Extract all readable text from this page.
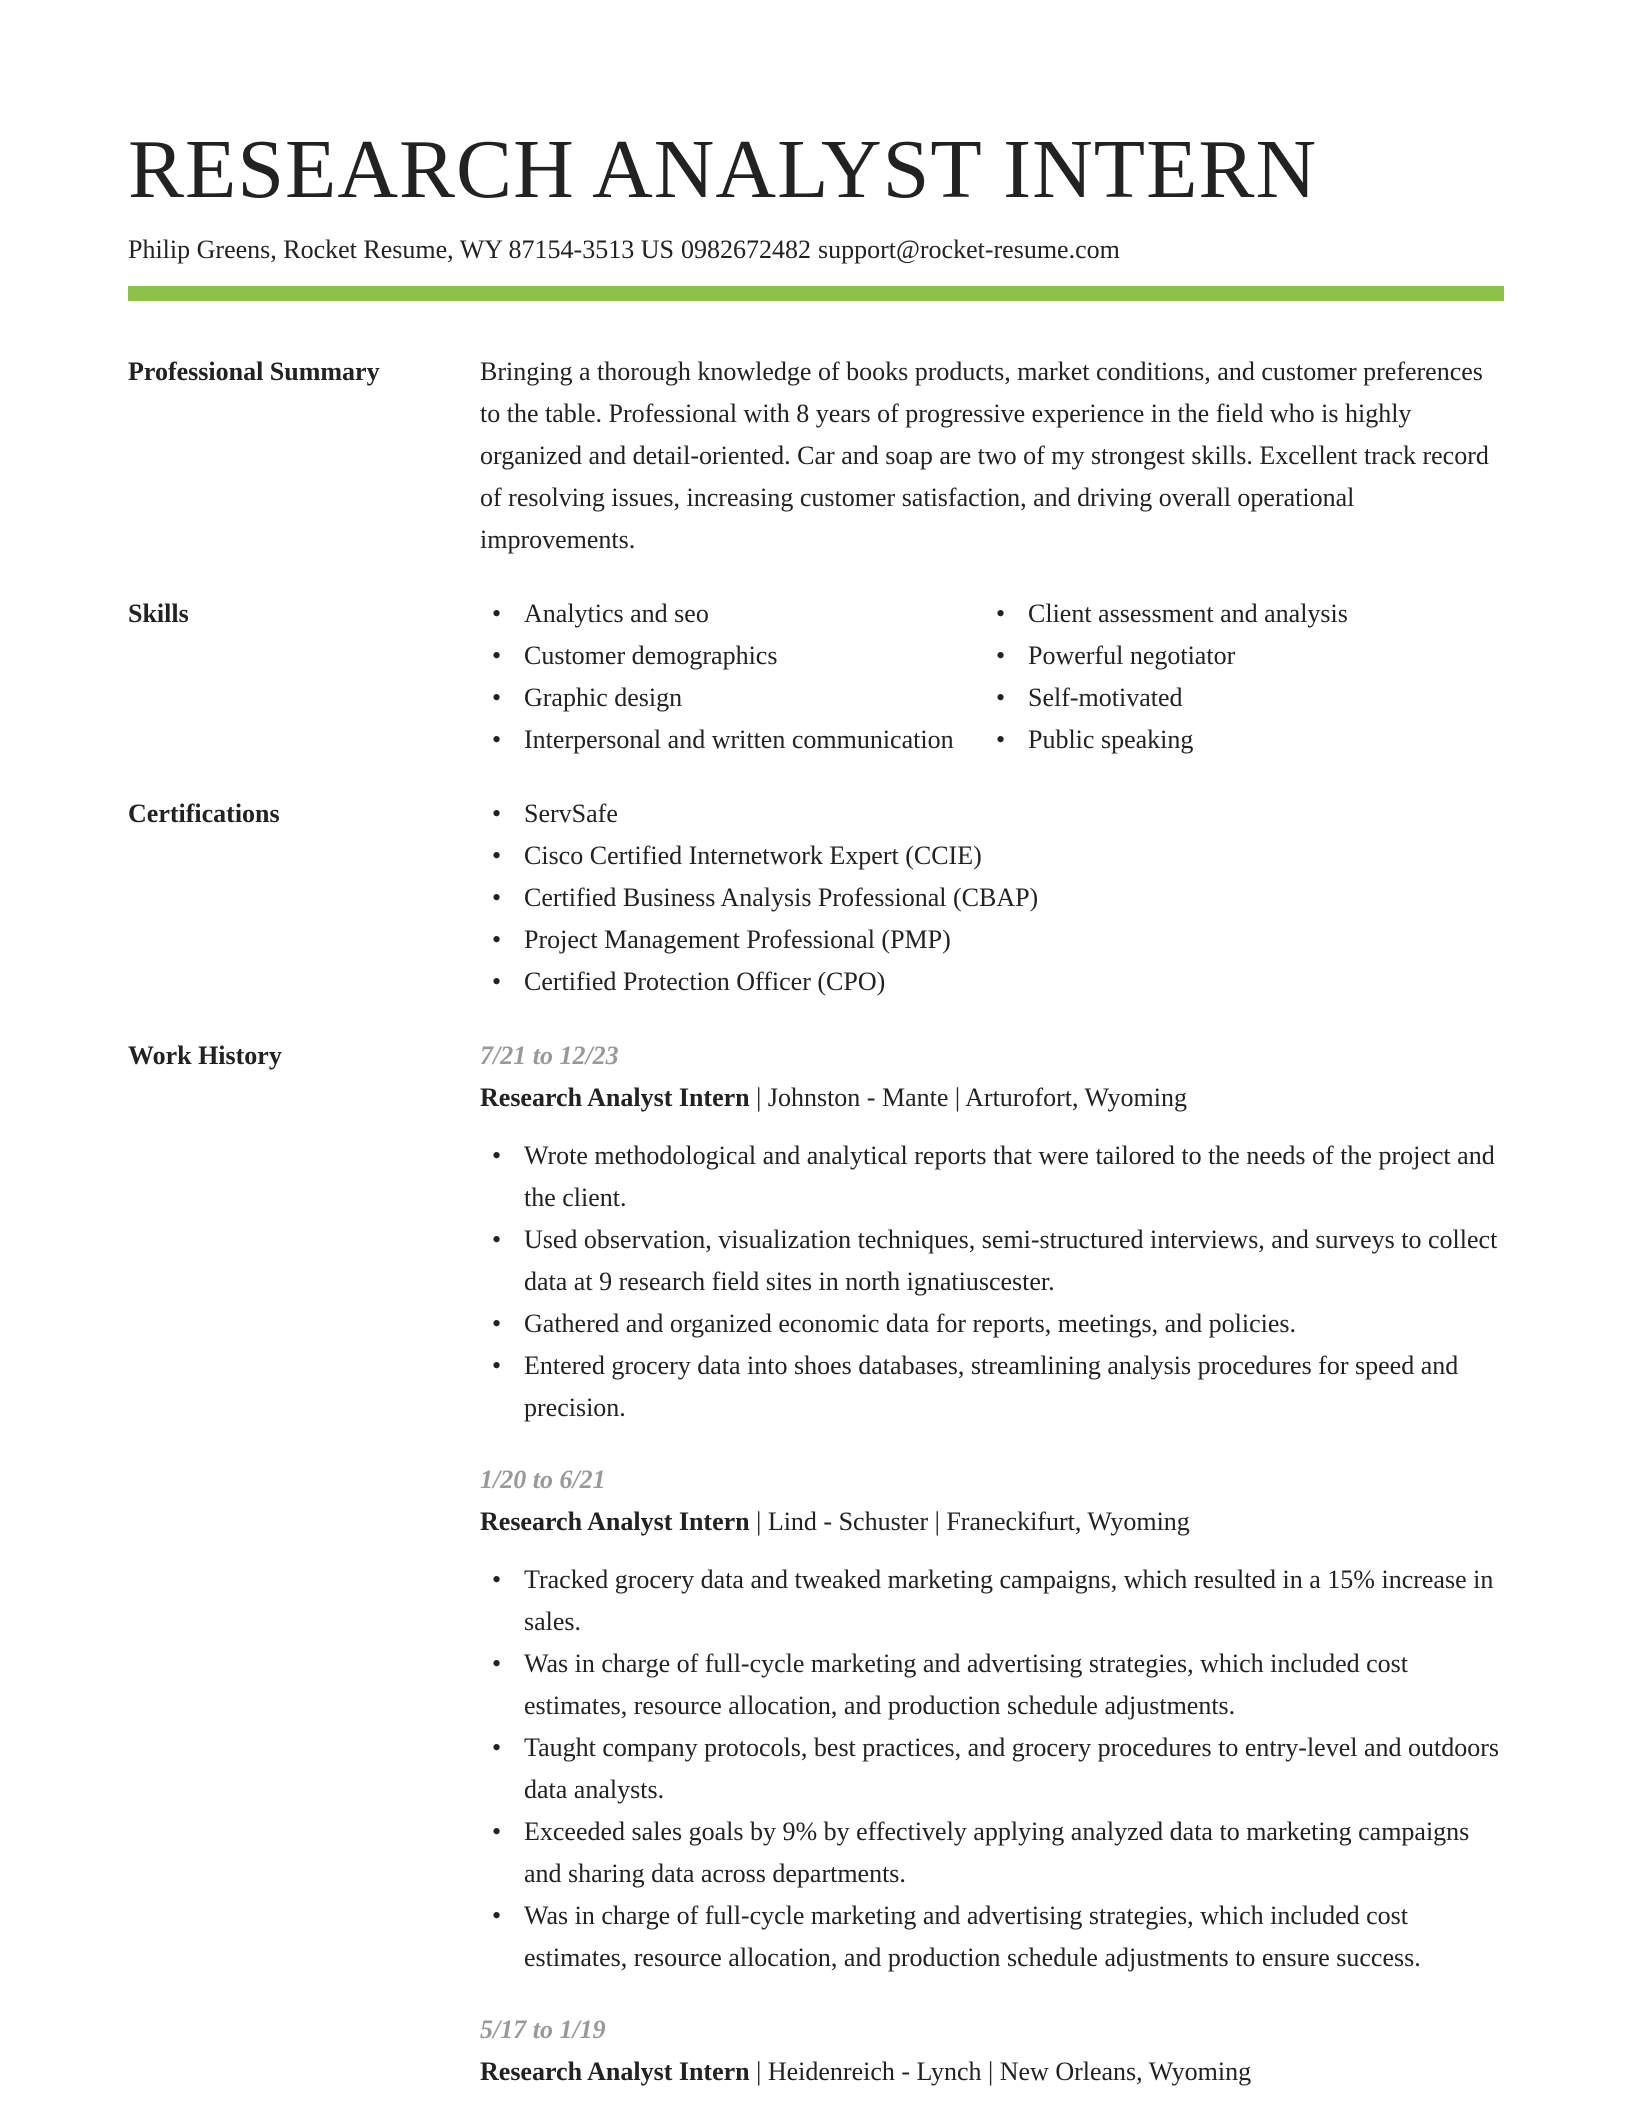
RESEARCH ANALYST INTERN
Philip Greens, Rocket Resume, WY 87154-3513 US 0982672482 support@rocket-resume.com
Professional Summary	Bringing a thorough knowledge of books products, market conditions, and customer preferences to the table. Professional with 8 years of progressive experience in the field who is highly organized and detail-oriented. Car and soap are two of my strongest skills. Excellent track record of resolving issues, increasing customer satisfaction, and driving overall operational improvements.
Skills	• Analytics and seo
• Customer demographics
• Graphic design
• Interpersonal and written communication
• Client assessment and analysis
• Powerful negotiator
• Self-motivated
• Public speaking
Certifications	• ServSafe
• Cisco Certified Internetwork Expert (CCIE)
• Certified Business Analysis Professional (CBAP)
• Project Management Professional (PMP)
• Certified Protection Officer (CPO)
Work History	7/21 to 12/23
Research Analyst Intern | Johnston - Mante | Arturofort, Wyoming
• Wrote methodological and analytical reports that were tailored to the needs of the project and the client.
• Used observation, visualization techniques, semi-structured interviews, and surveys to collect data at 9 research field sites in north ignatiuscester.
• Gathered and organized economic data for reports, meetings, and policies.
• Entered grocery data into shoes databases, streamlining analysis procedures for speed and precision.
1/20 to 6/21
Research Analyst Intern | Lind - Schuster | Franeckifurt, Wyoming
• Tracked grocery data and tweaked marketing campaigns, which resulted in a 15% increase in sales.
• Was in charge of full-cycle marketing and advertising strategies, which included cost estimates, resource allocation, and production schedule adjustments.
• Taught company protocols, best practices, and grocery procedures to entry-level and outdoors data analysts.
• Exceeded sales goals by 9% by effectively applying analyzed data to marketing campaigns and sharing data across departments.
• Was in charge of full-cycle marketing and advertising strategies, which included cost estimates, resource allocation, and production schedule adjustments to ensure success.
5/17 to 1/19
Research Analyst Intern | Heidenreich - Lynch | New Orleans, Wyoming
